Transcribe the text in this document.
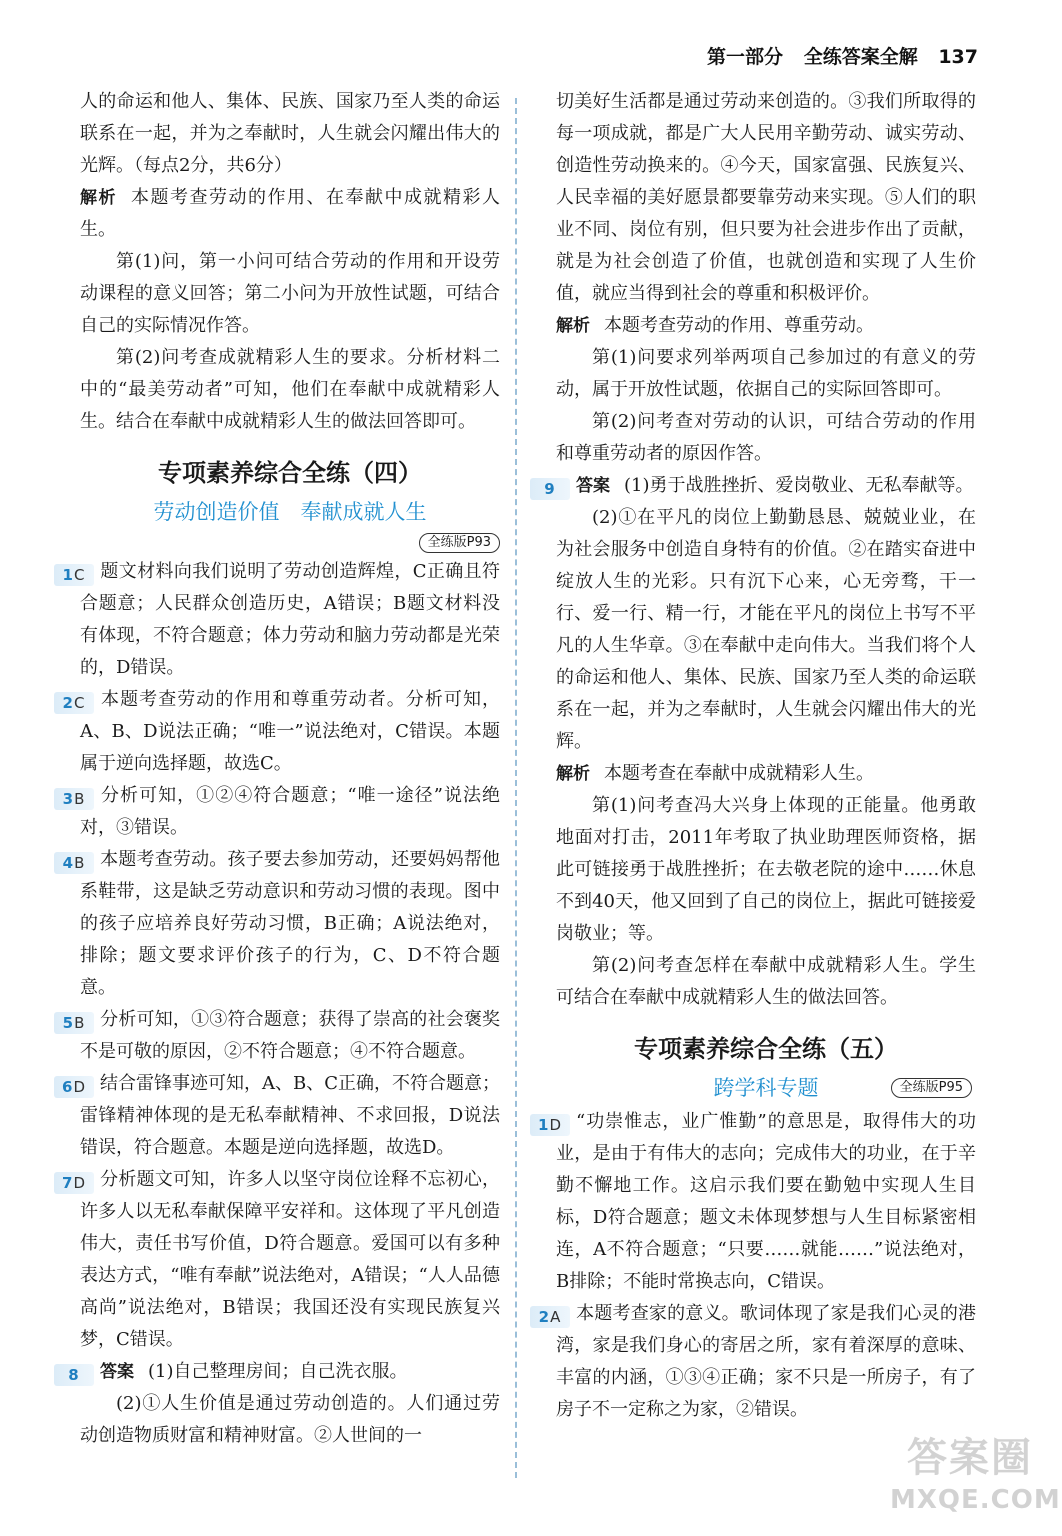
第一部分 全练答案全解 137

人的命运和他人、集体、民族、国家乃至人类的命运联系在一起，并为之奉献时，人生就会闪耀出伟大的光辉。（每点2分，共6分）

解析 本题考查劳动的作用、在奉献中成就精彩人生。

第(1)问，第一小问可结合劳动的作用和开设劳动课程的意义回答；第二小问为开放性试题，可结合自己的实际情况作答。

第(2)问考查成就精彩人生的要求。分析材料二中的“最美劳动者”可知，他们在奉献中成就精彩人生。结合在奉献中成就精彩人生的做法回答即可。

专项素养综合全练（四）
劳动创造价值　奉献成就人生
全练版P93

1C 题文材料向我们说明了劳动创造辉煌，C正确且符合题意；人民群众创造历史，A错误；B题文材料没有体现，不符合题意；体力劳动和脑力劳动都是光荣的，D错误。

2C 本题考查劳动的作用和尊重劳动者。分析可知，A、B、D说法正确；“唯一”说法绝对，C错误。本题属于逆向选择题，故选C。

3B 分析可知，①②④符合题意；“唯一途径”说法绝对，③错误。

4B 本题考查劳动。孩子要去参加劳动，还要妈妈帮他系鞋带，这是缺乏劳动意识和劳动习惯的表现。图中的孩子应培养良好劳动习惯，B正确；A说法绝对，排除；题文要求评价孩子的行为，C、D不符合题意。

5B 分析可知，①③符合题意；获得了崇高的社会褒奖不是可敬的原因，②不符合题意；④不符合题意。

6D 结合雷锋事迹可知，A、B、C正确，不符合题意；雷锋精神体现的是无私奉献精神、不求回报，D说法错误，符合题意。本题是逆向选择题，故选D。

7D 分析题文可知，许多人以坚守岗位诠释不忘初心，许多人以无私奉献保障平安祥和。这体现了平凡创造伟大，责任书写价值，D符合题意。爱国可以有多种表达方式，“唯有奉献”说法绝对，A错误；“人人品德高尚”说法绝对，B错误；我国还没有实现民族复兴梦，C错误。

8 答案 (1)自己整理房间；自己洗衣服。

(2)①人生价值是通过劳动创造的。人们通过劳动创造物质财富和精神财富。②人世间的一

切美好生活都是通过劳动来创造的。③我们所取得的每一项成就，都是广大人民用辛勤劳动、诚实劳动、创造性劳动换来的。④今天，国家富强、民族复兴、人民幸福的美好愿景都要靠劳动来实现。⑤人们的职业不同、岗位有别，但只要为社会进步作出了贡献，就是为社会创造了价值，也就创造和实现了人生价值，就应当得到社会的尊重和积极评价。

解析 本题考查劳动的作用、尊重劳动。

第(1)问要求列举两项自己参加过的有意义的劳动，属于开放性试题，依据自己的实际回答即可。

第(2)问考查对劳动的认识，可结合劳动的作用和尊重劳动者的原因作答。

9 答案 (1)勇于战胜挫折、爱岗敬业、无私奉献等。

(2)①在平凡的岗位上勤勤恳恳、兢兢业业，在为社会服务中创造自身特有的价值。②在踏实奋进中绽放人生的光彩。只有沉下心来，心无旁骛，干一行、爱一行、精一行，才能在平凡的岗位上书写不平凡的人生华章。③在奉献中走向伟大。当我们将个人的命运和他人、集体、民族、国家乃至人类的命运联系在一起，并为之奉献时，人生就会闪耀出伟大的光辉。

解析 本题考查在奉献中成就精彩人生。

第(1)问考查冯大兴身上体现的正能量。他勇敢地面对打击，2011年考取了执业助理医师资格，据此可链接勇于战胜挫折；在去敬老院的途中……休息不到40天，他又回到了自己的岗位上，据此可链接爱岗敬业；等。

第(2)问考查怎样在奉献中成就精彩人生。学生可结合在奉献中成就精彩人生的做法回答。

专项素养综合全练（五）
跨学科专题	全练版P95

1D “功崇惟志，业广惟勤”的意思是，取得伟大的功业，是由于有伟大的志向；完成伟大的功业，在于辛勤不懈地工作。这启示我们要在勤勉中实现人生目标，D符合题意；题文未体现梦想与人生目标紧密相连，A不符合题意；“只要……就能……”说法绝对，B排除；不能时常换志向，C错误。

2A 本题考查家的意义。歌词体现了家是我们心灵的港湾，家是我们身心的寄居之所，家有着深厚的意味、丰富的内涵，①③④正确；家不只是一所房子，有了房子不一定称之为家，②错误。

答案圈
MXQE.COM
